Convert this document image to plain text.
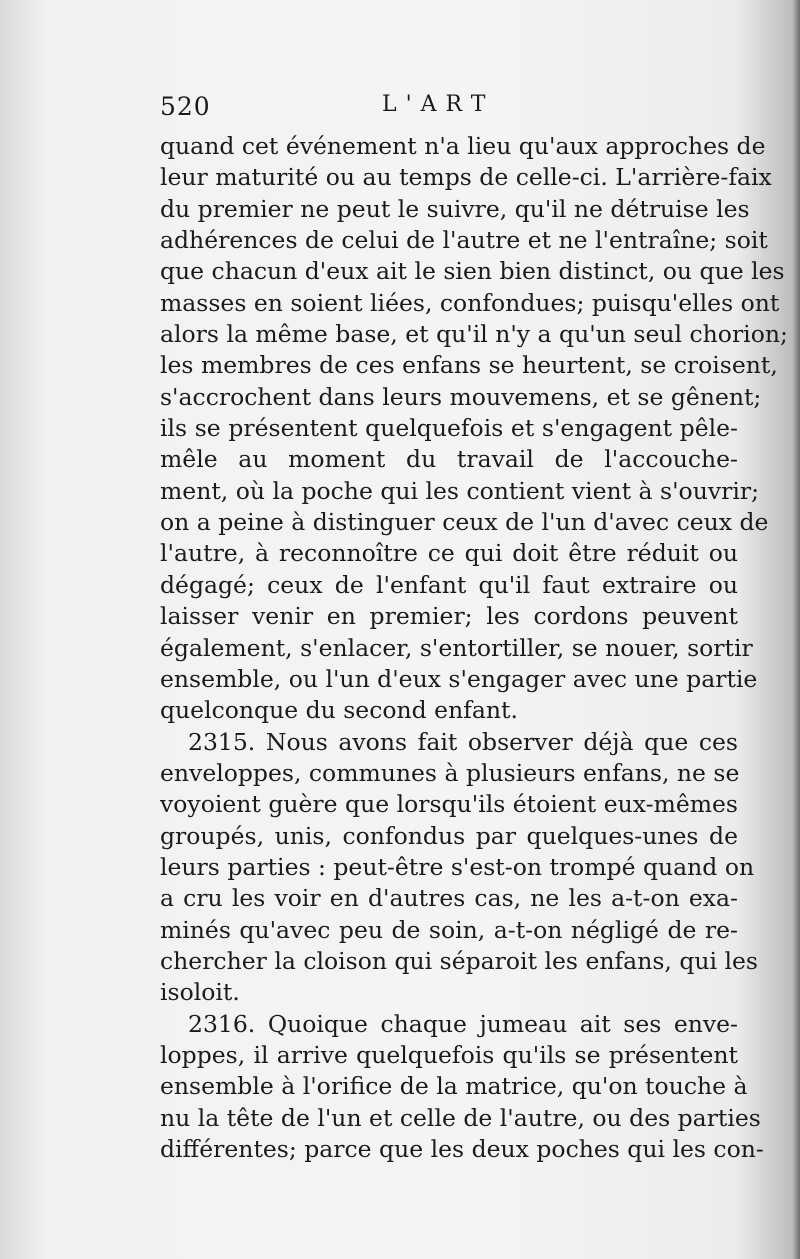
520	L'ART
quand cet événement n'a lieu qu'aux approches de
leur maturité ou au temps de celle-ci. L'arrière-faix
du premier ne peut le suivre, qu'il ne détruise les
adhérences de celui de l'autre et ne l'entraîne; soit
que chacun d'eux ait le sien bien distinct, ou que les
masses en soient liées, confondues; puisqu'elles ont
alors la même base, et qu'il n'y a qu'un seul chorion;
les membres de ces enfans se heurtent, se croisent,
s'accrochent dans leurs mouvemens, et se gênent;
ils se présentent quelquefois et s'engagent pêle-
mêle au moment du travail de l'accouche-
ment, où la poche qui les contient vient à s'ouvrir;
on a peine à distinguer ceux de l'un d'avec ceux de
l'autre, à reconnoître ce qui doit être réduit ou
dégagé; ceux de l'enfant qu'il faut extraire ou
laisser venir en premier; les cordons peuvent
également, s'enlacer, s'entortiller, se nouer, sortir
ensemble, ou l'un d'eux s'engager avec une partie
quelconque du second enfant.
2315. Nous avons fait observer déjà que ces
enveloppes, communes à plusieurs enfans, ne se
voyoient guère que lorsqu'ils étoient eux-mêmes
groupés, unis, confondus par quelques-unes de
leurs parties : peut-être s'est-on trompé quand on
a cru les voir en d'autres cas, ne les a-t-on exa-
minés qu'avec peu de soin, a-t-on négligé de re-
chercher la cloison qui séparoit les enfans, qui les
isoloit.
2316. Quoique chaque jumeau ait ses enve-
loppes, il arrive quelquefois qu'ils se présentent
ensemble à l'orifice de la matrice, qu'on touche à
nu la tête de l'un et celle de l'autre, ou des parties
différentes; parce que les deux poches qui les con-
